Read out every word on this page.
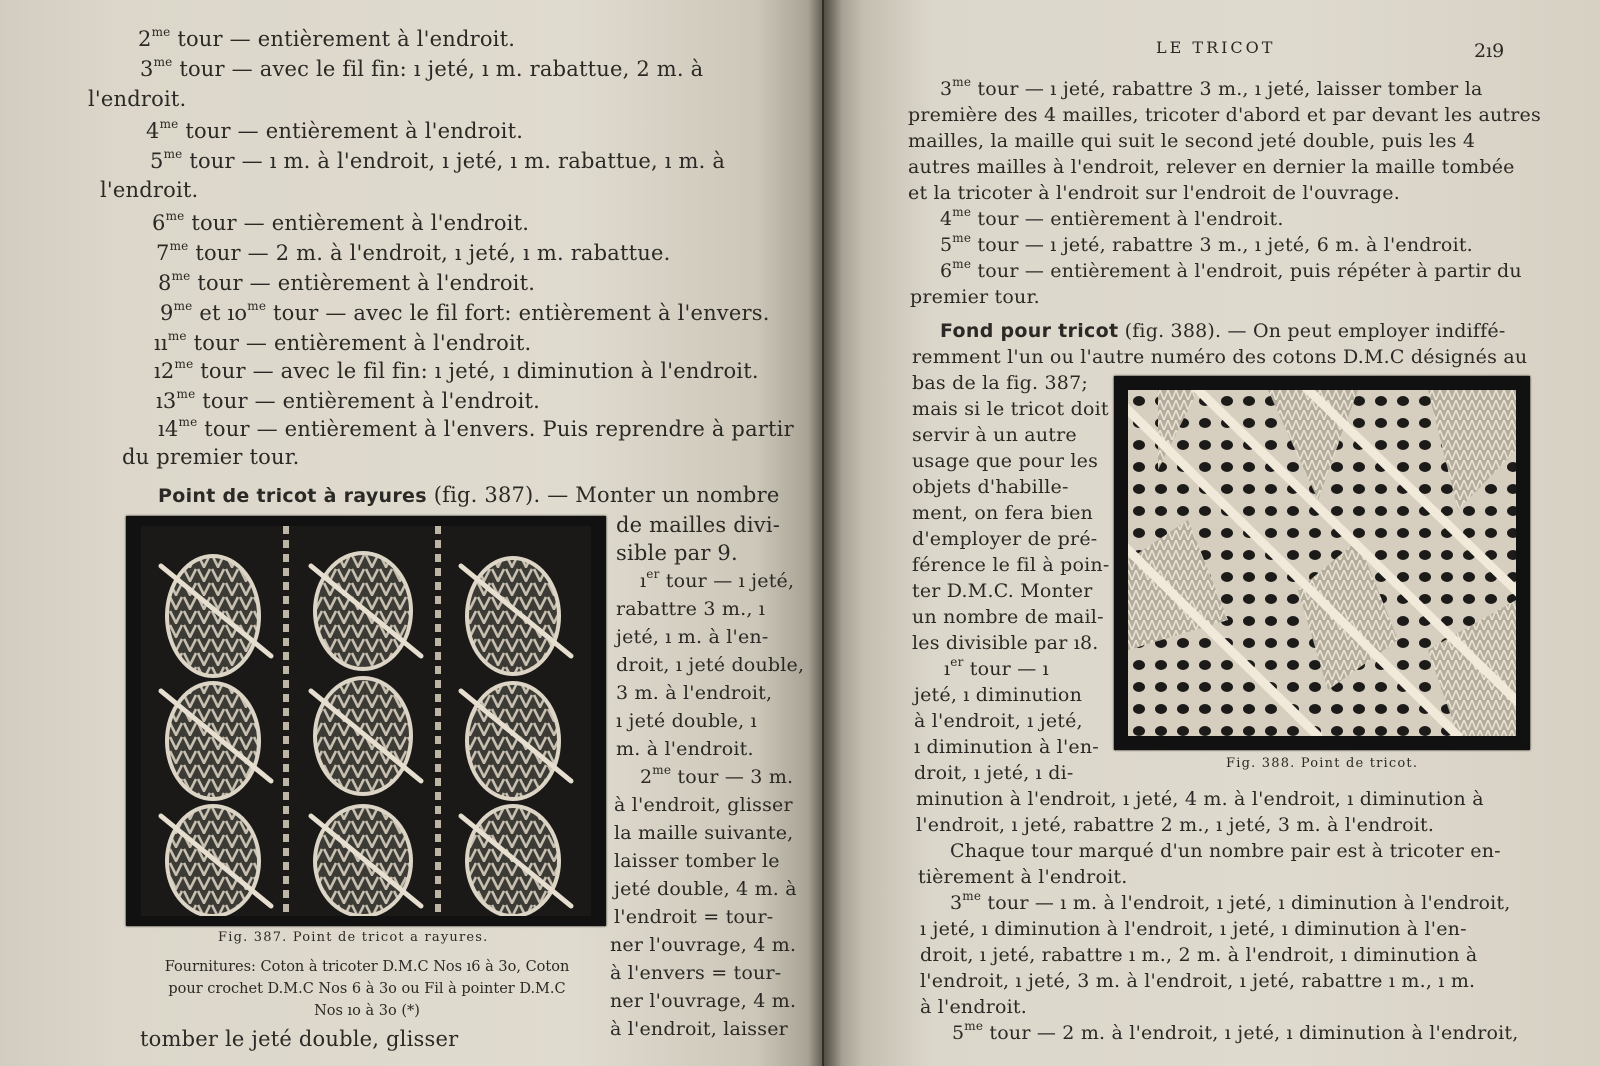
$2^{me}$ tour — entièrement à l'endroit.
$3^{me}$ tour — avec le fil fin: ı jeté, ı m. rabattue, 2 m. à
l'endroit.
$4^{me}$ tour — entièrement à l'endroit.
$5^{me}$ tour — ı m. à l'endroit, ı jeté, ı m. rabattue, ı m. à
l'endroit.
$6^{me}$ tour — entièrement à l'endroit.
$7^{me}$ tour — 2 m. à l'endroit, ı jeté, ı m. rabattue.
$8^{me}$ tour — entièrement à l'endroit.
$9^{me}$ et $ıo^{me}$ tour — avec le fil fort: entièrement à l'envers.
$ıı^{me}$ tour — entièrement à l'endroit.
$ı2^{me}$ tour — avec le fil fin: ı jeté, ı diminution à l'endroit.
$ı3^{me}$ tour — entièrement à l'endroit.
$ı4^{me}$ tour — entièrement à l'envers. Puis reprendre à partir
du premier tour.
Point de tricot à rayures (fig. 387). — Monter un nombre
de mailles divi-
sible par 9.
$ı^{er}$ tour — ı jeté,
rabattre 3 m., ı
jeté, ı m. à l'en-
droit, ı jeté double,
3 m. à l'endroit,
ı jeté double, ı
m. à l'endroit.
$2^{me}$ tour — 3 m.
à l'endroit, glisser
la maille suivante,
laisser tomber le
jeté double, 4 m. à
l'endroit = tour-
ner l'ouvrage, 4 m.
à l'envers = tour-
ner l'ouvrage, 4 m.
à l'endroit, laisser
Fig. 387. Point de tricot a rayures.
Fournitures: Coton à tricoter D.M.C Nos ı6 à 3o, Coton
pour crochet D.M.C Nos 6 à 3o ou Fil à pointer D.M.C
Nos ıo à 3o (*)
tomber le jeté double, glisser
LE TRICOT	2ı9
$3^{me}$ tour — ı jeté, rabattre 3 m., ı jeté, laisser tomber la
première des 4 mailles, tricoter d'abord et par devant les autres
mailles, la maille qui suit le second jeté double, puis les 4
autres mailles à l'endroit, relever en dernier la maille tombée
et la tricoter à l'endroit sur l'endroit de l'ouvrage.
$4^{me}$ tour — entièrement à l'endroit.
$5^{me}$ tour — ı jeté, rabattre 3 m., ı jeté, 6 m. à l'endroit.
$6^{me}$ tour — entièrement à l'endroit, puis répéter à partir du
premier tour.
Fond pour tricot (fig. 388). — On peut employer indiffé-
remment l'un ou l'autre numéro des cotons D.M.C désignés au
bas de la fig. 387;
mais si le tricot doit
servir à un autre
usage que pour les
objets d'habille-
ment, on fera bien
d'employer de pré-
férence le fil à poin-
ter D.M.C. Monter
un nombre de mail-
les divisible par ı8.
$ı^{er}$ tour — ı
jeté, ı diminution
à l'endroit, ı jeté,
ı diminution à l'en-
droit, ı jeté, ı di-	Fig. 388. Point de tricot.
minution à l'endroit, ı jeté, 4 m. à l'endroit, ı diminution à
l'endroit, ı jeté, rabattre 2 m., ı jeté, 3 m. à l'endroit.
Chaque tour marqué d'un nombre pair est à tricoter en-
tièrement à l'endroit.
$3^{me}$ tour — ı m. à l'endroit, ı jeté, ı diminution à l'endroit,
ı jeté, ı diminution à l'endroit, ı jeté, ı diminution à l'en-
droit, ı jeté, rabattre ı m., 2 m. à l'endroit, ı diminution à
l'endroit, ı jeté, 3 m. à l'endroit, ı jeté, rabattre ı m., ı m.
à l'endroit.
$5^{me}$ tour — 2 m. à l'endroit, ı jeté, ı diminution à l'endroit,
